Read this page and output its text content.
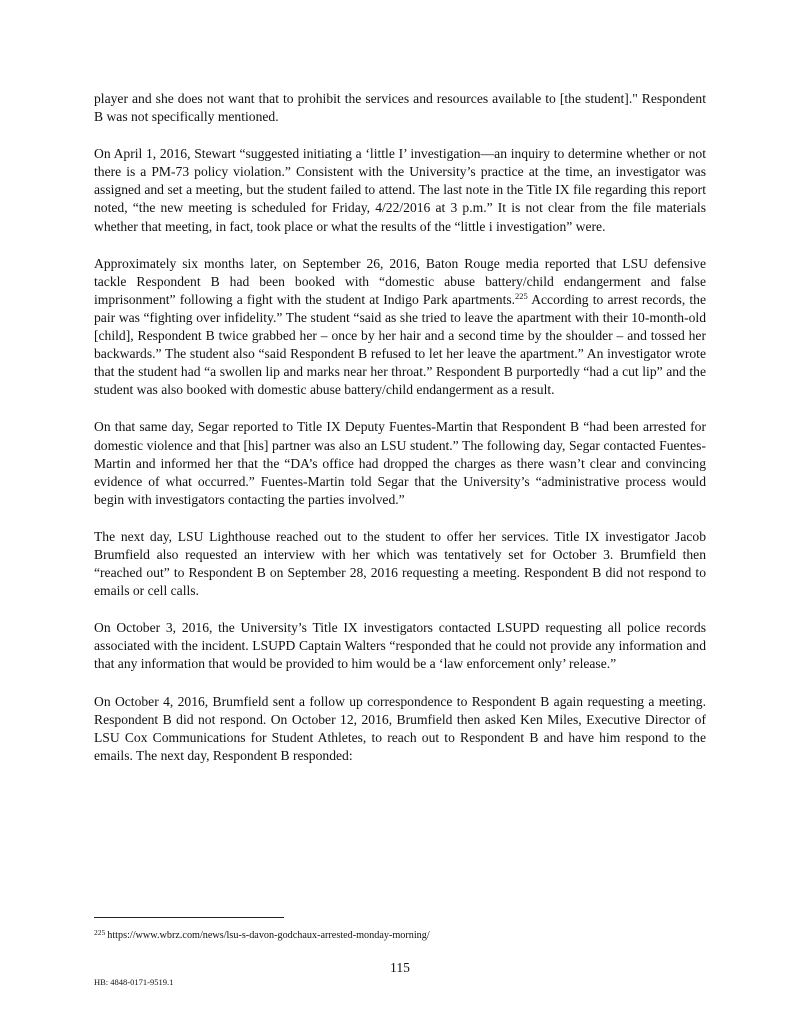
player and she does not want that to prohibit the services and resources available to [the student]." Respondent B was not specifically mentioned.

On April 1, 2016, Stewart “suggested initiating a ‘little I’ investigation—an inquiry to determine whether or not there is a PM-73 policy violation.” Consistent with the University’s practice at the time, an investigator was assigned and set a meeting, but the student failed to attend. The last note in the Title IX file regarding this report noted, “the new meeting is scheduled for Friday, 4/22/2016 at 3 p.m.” It is not clear from the file materials whether that meeting, in fact, took place or what the results of the “little i investigation” were.

Approximately six months later, on September 26, 2016, Baton Rouge media reported that LSU defensive tackle Respondent B had been booked with “domestic abuse battery/child endangerment and false imprisonment” following a fight with the student at Indigo Park apartments.$^{225}$ According to arrest records, the pair was “fighting over infidelity.” The student “said as she tried to leave the apartment with their 10-month-old [child], Respondent B twice grabbed her – once by her hair and a second time by the shoulder – and tossed her backwards.” The student also “said Respondent B refused to let her leave the apartment.” An investigator wrote that the student had “a swollen lip and marks near her throat.” Respondent B purportedly “had a cut lip” and the student was also booked with domestic abuse battery/child endangerment as a result.

On that same day, Segar reported to Title IX Deputy Fuentes-Martin that Respondent B “had been arrested for domestic violence and that [his] partner was also an LSU student.” The following day, Segar contacted Fuentes-Martin and informed her that the “DA’s office had dropped the charges as there wasn’t clear and convincing evidence of what occurred.” Fuentes-Martin told Segar that the University’s “administrative process would begin with investigators contacting the parties involved.”

The next day, LSU Lighthouse reached out to the student to offer her services. Title IX investigator Jacob Brumfield also requested an interview with her which was tentatively set for October 3. Brumfield then “reached out” to Respondent B on September 28, 2016 requesting a meeting. Respondent B did not respond to emails or cell calls.

On October 3, 2016, the University’s Title IX investigators contacted LSUPD requesting all police records associated with the incident. LSUPD Captain Walters “responded that he could not provide any information and that any information that would be provided to him would be a ‘law enforcement only’ release.”

On October 4, 2016, Brumfield sent a follow up correspondence to Respondent B again requesting a meeting. Respondent B did not respond. On October 12, 2016, Brumfield then asked Ken Miles, Executive Director of LSU Cox Communications for Student Athletes, to reach out to Respondent B and have him respond to the emails. The next day, Respondent B responded:

$^{225}$ https://www.wbrz.com/news/lsu-s-davon-godchaux-arrested-monday-morning/
115
HB: 4848-0171-9519.1
